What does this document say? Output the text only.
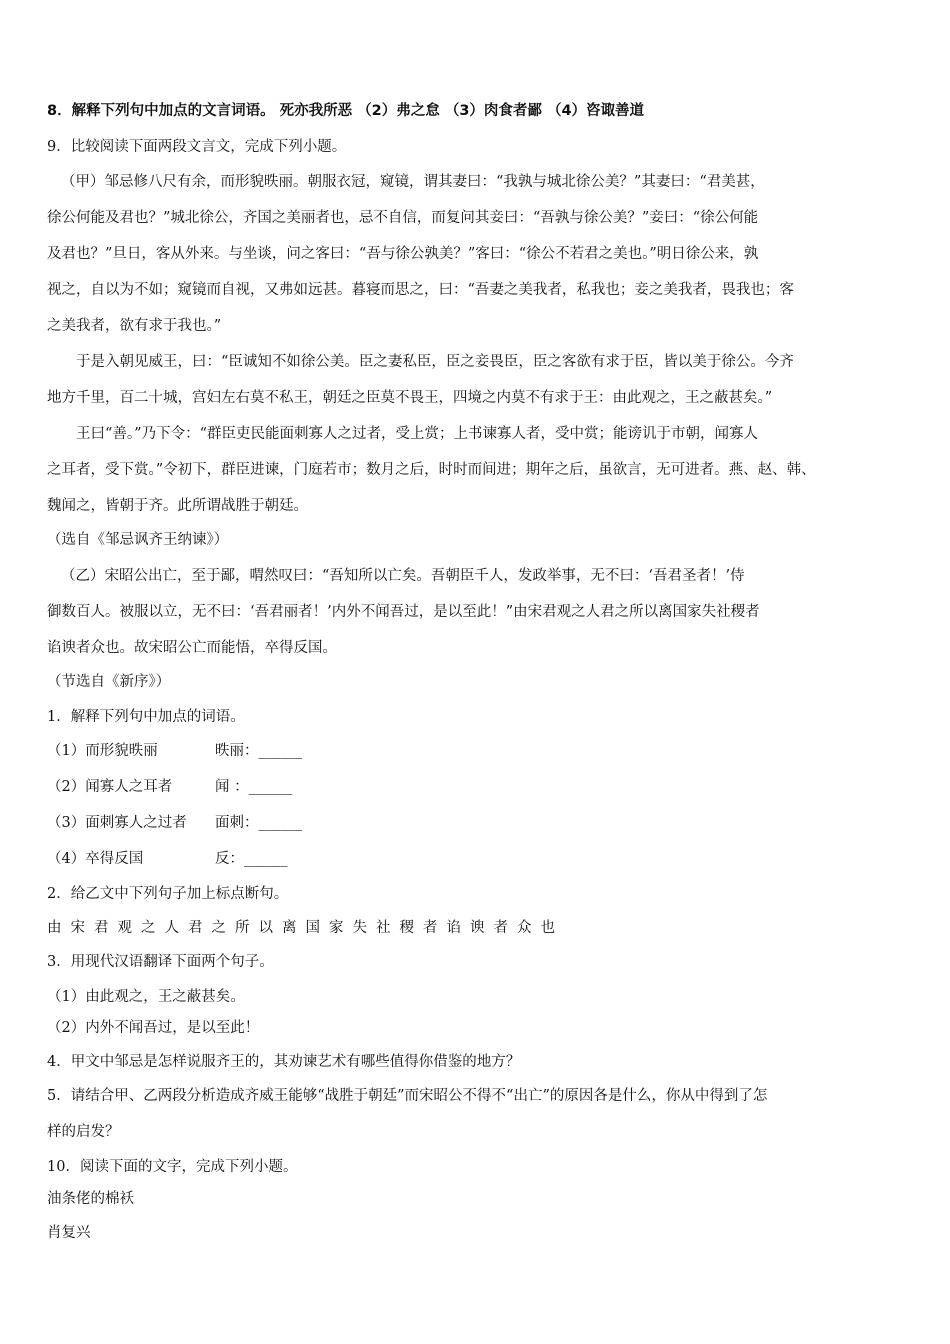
8．解释下列句中加点的文言词语。 死亦我所恶 （2）弗之怠 （3）肉食者鄙 （4）咨诹善道
9．比较阅读下面两段文言文，完成下列小题。
（甲）邹忌修八尺有余，而形貌昳丽。朝服衣冠，窥镜，谓其妻曰：“我孰与城北徐公美？”其妻曰：“君美甚，
徐公何能及君也？”城北徐公，齐国之美丽者也，忌不自信，而复问其妾曰：“吾孰与徐公美？”妾曰：“徐公何能
及君也？”旦日，客从外来。与坐谈，问之客曰：“吾与徐公孰美？”客曰：“徐公不若君之美也。”明日徐公来，孰
视之，自以为不如；窥镜而自视，又弗如远甚。暮寝而思之，曰：“吾妻之美我者，私我也；妾之美我者，畏我也；客
之美我者，欲有求于我也。”
于是入朝见威王，曰：“臣诚知不如徐公美。臣之妻私臣，臣之妾畏臣，臣之客欲有求于臣，皆以美于徐公。今齐
地方千里，百二十城，宫妇左右莫不私王，朝廷之臣莫不畏王，四境之内莫不有求于王：由此观之，王之蔽甚矣。”
王曰“善。”乃下令：“群臣吏民能面刺寡人之过者，受上赏；上书谏寡人者，受中赏；能谤讥于市朝，闻寡人
之耳者，受下赏。”令初下，群臣进谏，门庭若市；数月之后，时时而间进；期年之后，虽欲言，无可进者。燕、赵、韩、
魏闻之，皆朝于齐。此所谓战胜于朝廷。
（选自《邹忌讽齐王纳谏》）
（乙）宋昭公出亡，至于鄙，喟然叹曰：“吾知所以亡矣。吾朝臣千人，发政举事，无不曰：‘吾君圣者！’侍
御数百人。被服以立，无不曰：‘吾君丽者！’内外不闻吾过，是以至此！”由宋君观之人君之所以离国家失社稷者
谄谀者众也。故宋昭公亡而能悟，卒得反国。
（节选自《新序》）
1．解释下列句中加点的词语。
（1）而形貌昳丽	昳丽：______
（2）闻寡人之耳者	闻 ：______
（3）面刺寡人之过者 面刺：______
（4）卒得反国	反：______
2．给乙文中下列句子加上标点断句。
由宋君观之人君之所以离国家失社稷者谄谀者众也
3．用现代汉语翻译下面两个句子。
（1）由此观之，王之蔽甚矣。
（2）内外不闻吾过，是以至此！
4．甲文中邹忌是怎样说服齐王的，其劝谏艺术有哪些值得你借鉴的地方？
5．请结合甲、乙两段分析造成齐威王能够“战胜于朝廷”而宋昭公不得不“出亡”的原因各是什么，你从中得到了怎
样的启发？
10．阅读下面的文字，完成下列小题。
油条佬的棉袄
肖复兴
